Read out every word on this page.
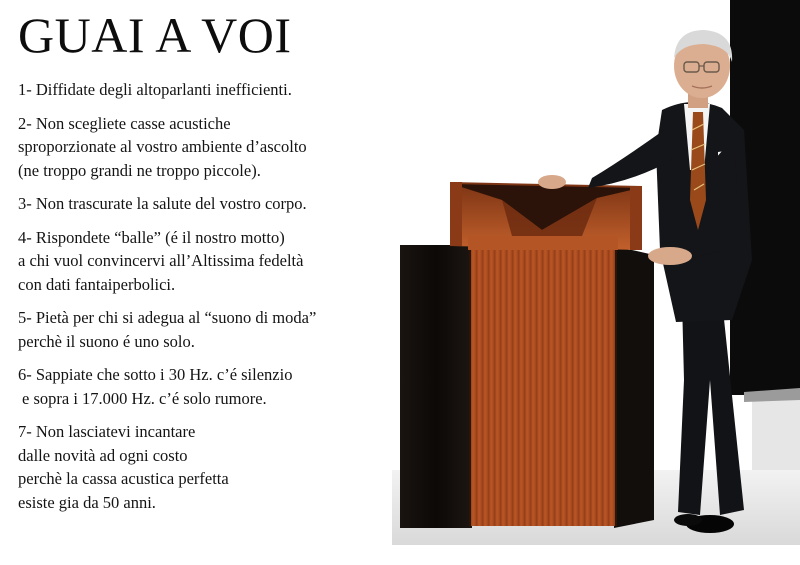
GUAI A VOI

1- Diffidate degli altoparlanti inefficienti.

2- Non scegliete casse acustiche
sproporzionate al vostro ambiente d’ascolto
(ne troppo grandi ne troppo piccole).

3- Non trascurate la salute del vostro corpo.

4- Rispondete “balle” (é il nostro motto)
a chi vuol convincervi all’Altissima fedeltà
con dati fantaiperbolici.

5- Pietà per chi si adegua al “suono di moda”
perchè il suono é uno solo.

6- Sappiate che sotto i 30 Hz. c’é silenzio
e sopra i 17.000 Hz. c’é solo rumore.

7- Non lasciatevi incantare
dalle novità ad ogni costo
perchè la cassa acustica perfetta
esiste gia da 50 anni.
